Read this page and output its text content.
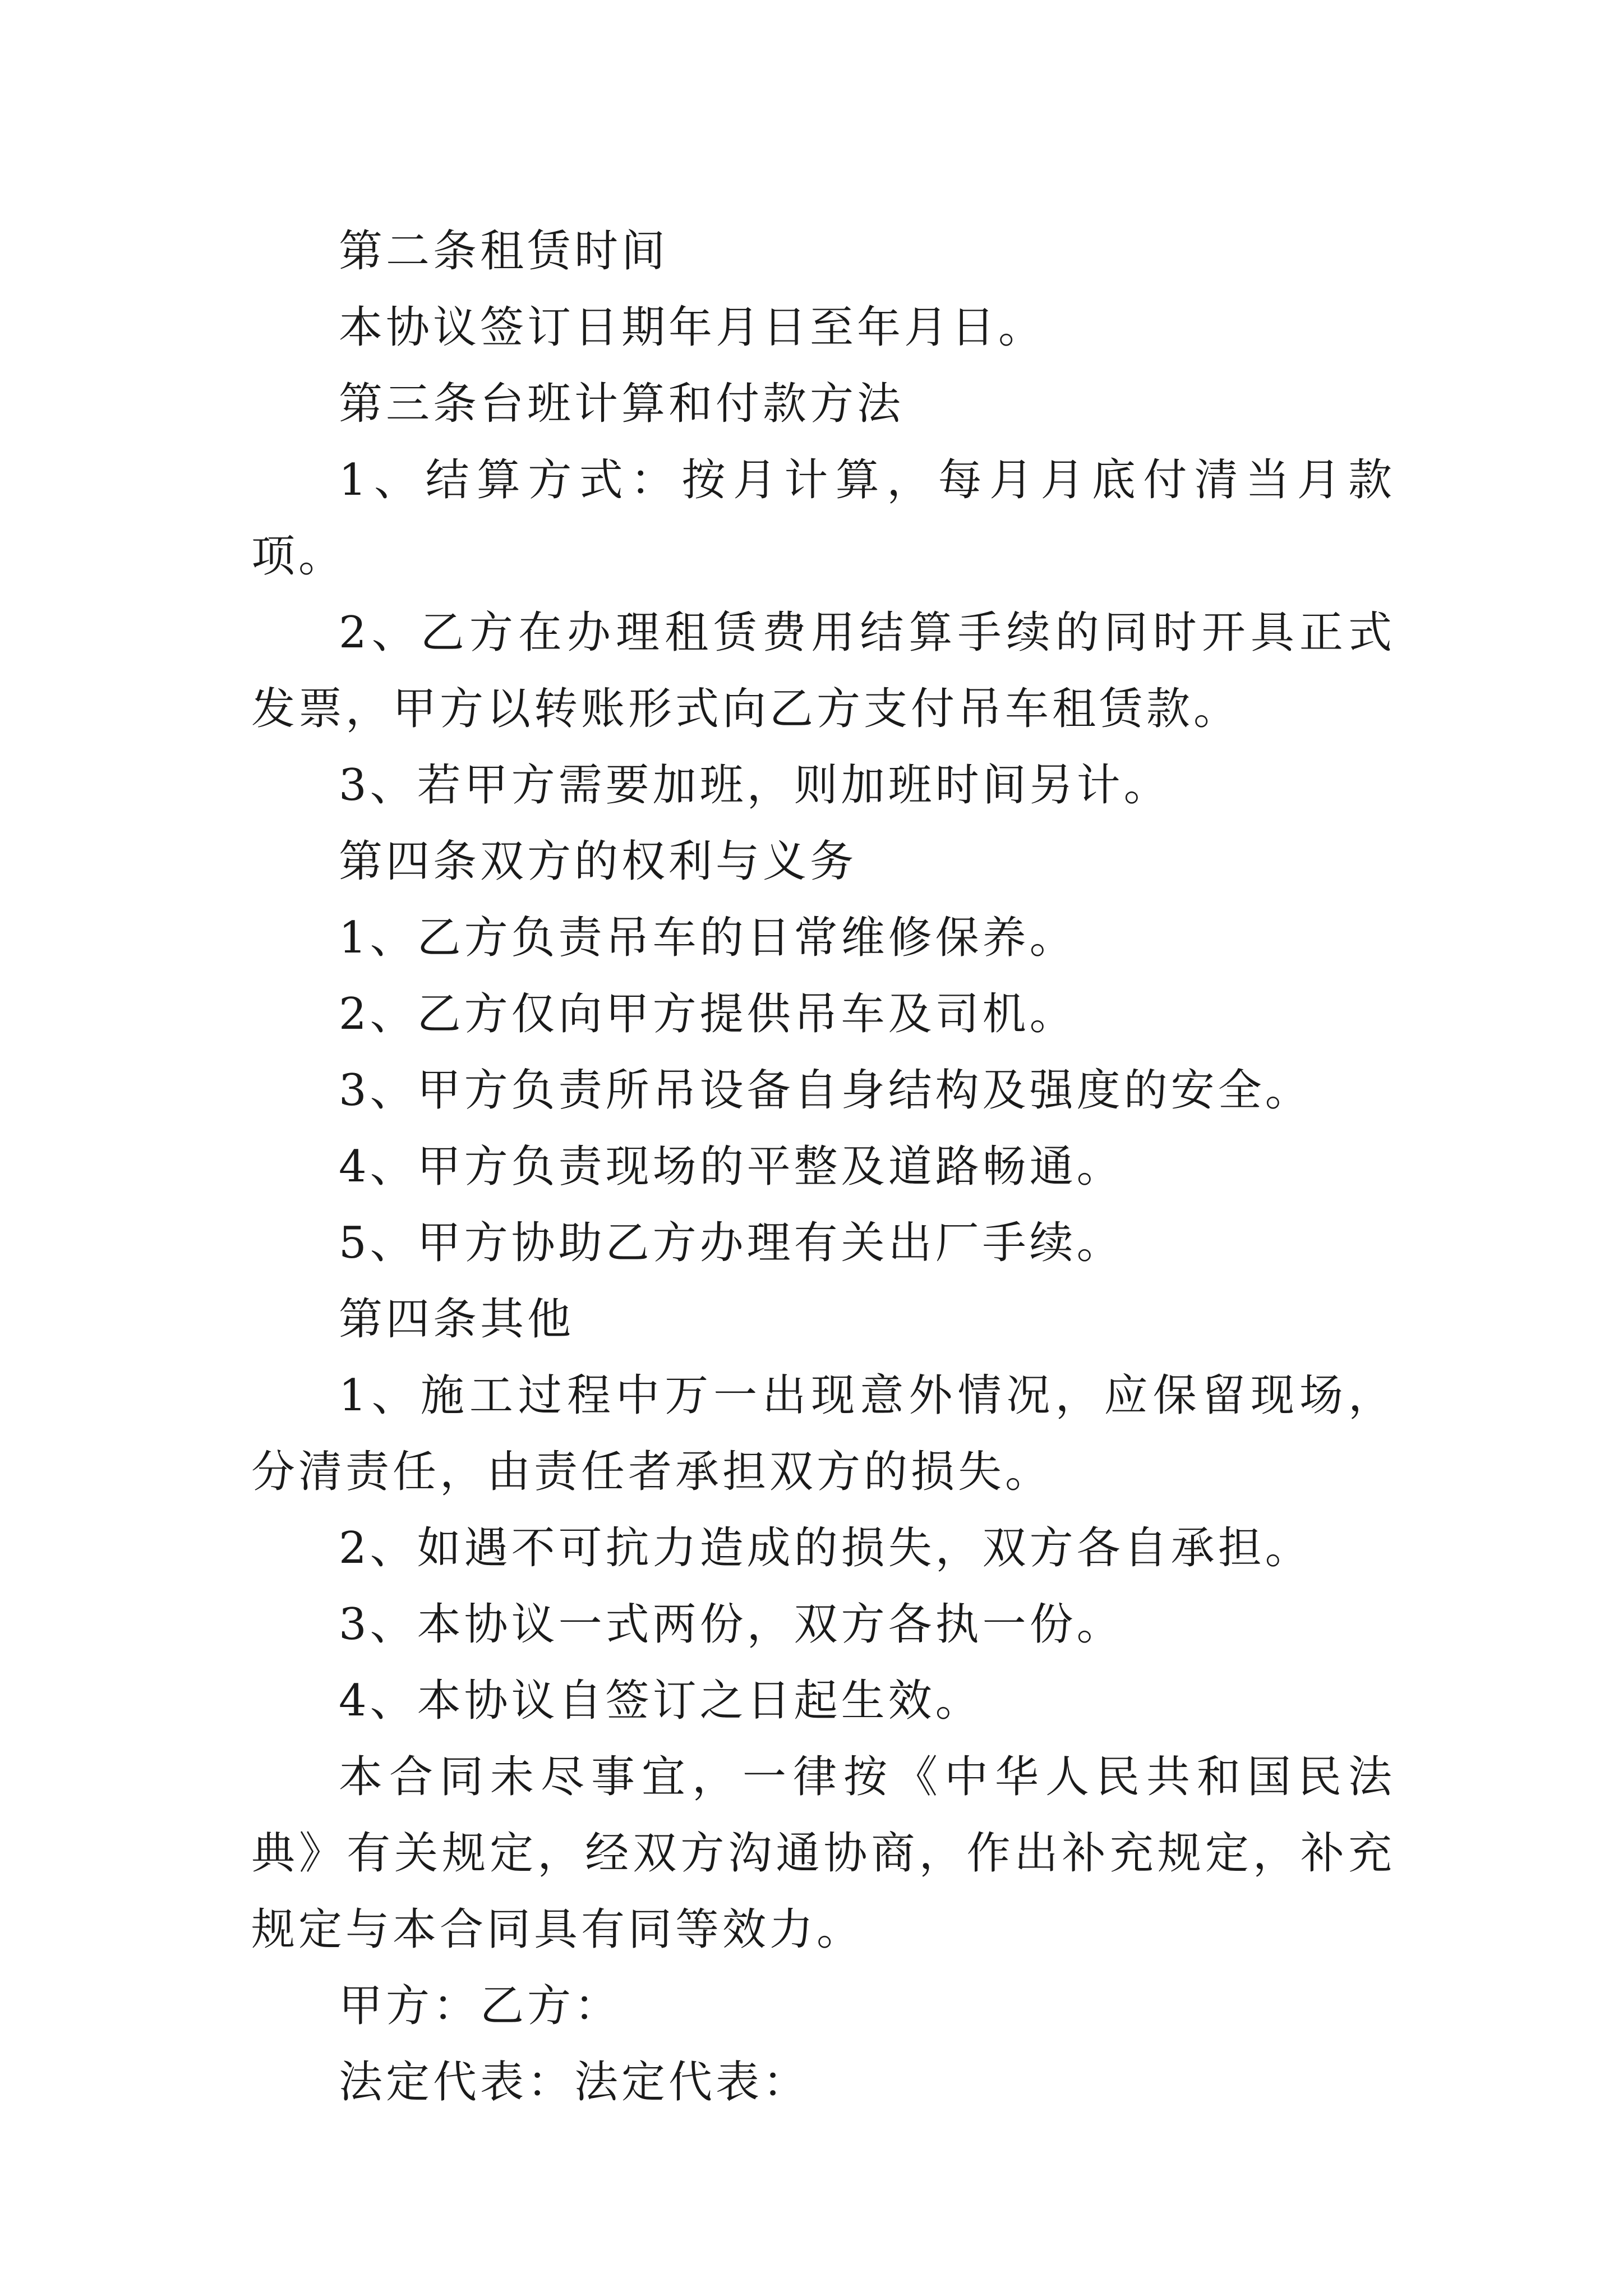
第二条租赁时间

本协议签订日期年月日至年月日。

第三条台班计算和付款方法

1、结算方式：按月计算，每月月底付清当月款项。

2、乙方在办理租赁费用结算手续的同时开具正式发票，甲方以转账形式向乙方支付吊车租赁款。

3、若甲方需要加班，则加班时间另计。

第四条双方的权利与义务

1、乙方负责吊车的日常维修保养。

2、乙方仅向甲方提供吊车及司机。

3、甲方负责所吊设备自身结构及强度的安全。

4、甲方负责现场的平整及道路畅通。

5、甲方协助乙方办理有关出厂手续。

第四条其他

1、施工过程中万一出现意外情况，应保留现场，分清责任，由责任者承担双方的损失。

2、如遇不可抗力造成的损失，双方各自承担。

3、本协议一式两份，双方各执一份。

4、本协议自签订之日起生效。

本合同未尽事宜，一律按《中华人民共和国民法典》有关规定，经双方沟通协商，作出补充规定，补充规定与本合同具有同等效力。

甲方：乙方：

法定代表：法定代表：
